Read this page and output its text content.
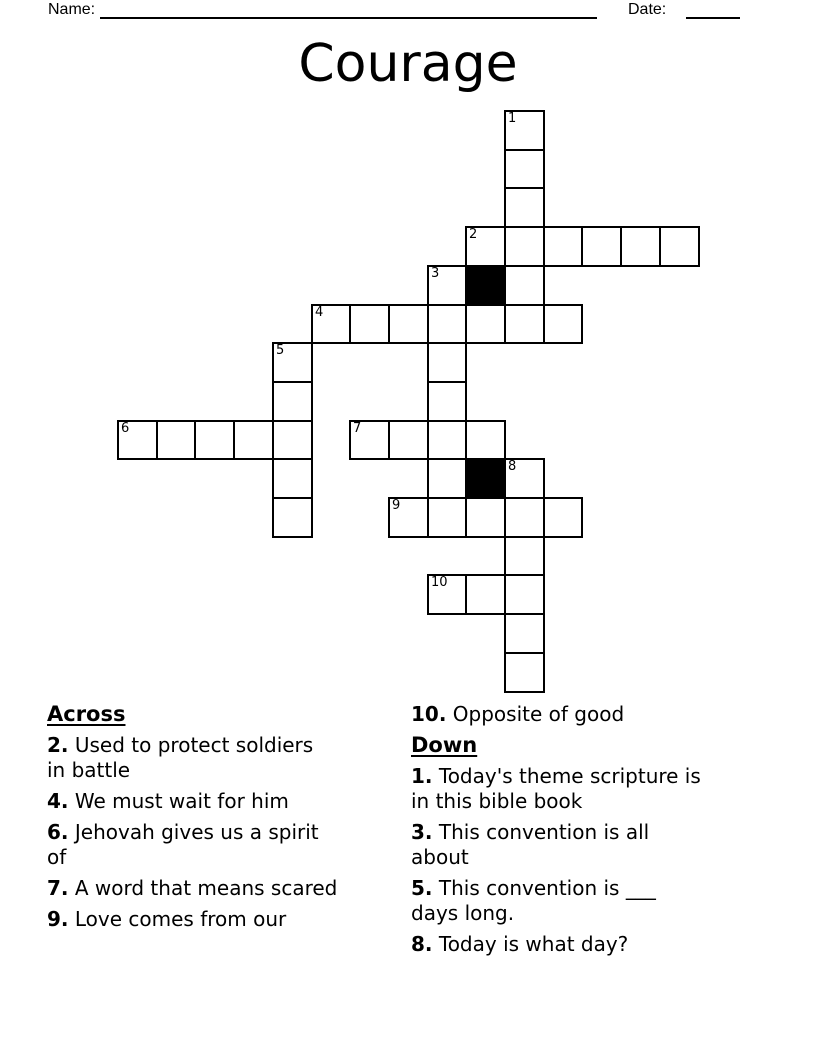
Name:	Date:
Courage
1
2
3
4
5
6	7
8
9
10
Across
2. Used to protect soldiers
in battle
4. We must wait for him
6. Jehovah gives us a spirit
of
7. A word that means scared
9. Love comes from our
10. Opposite of good
Down
1. Today's theme scripture is
in this bible book
3. This convention is all
about
5. This convention is ___
days long.
8. Today is what day?
